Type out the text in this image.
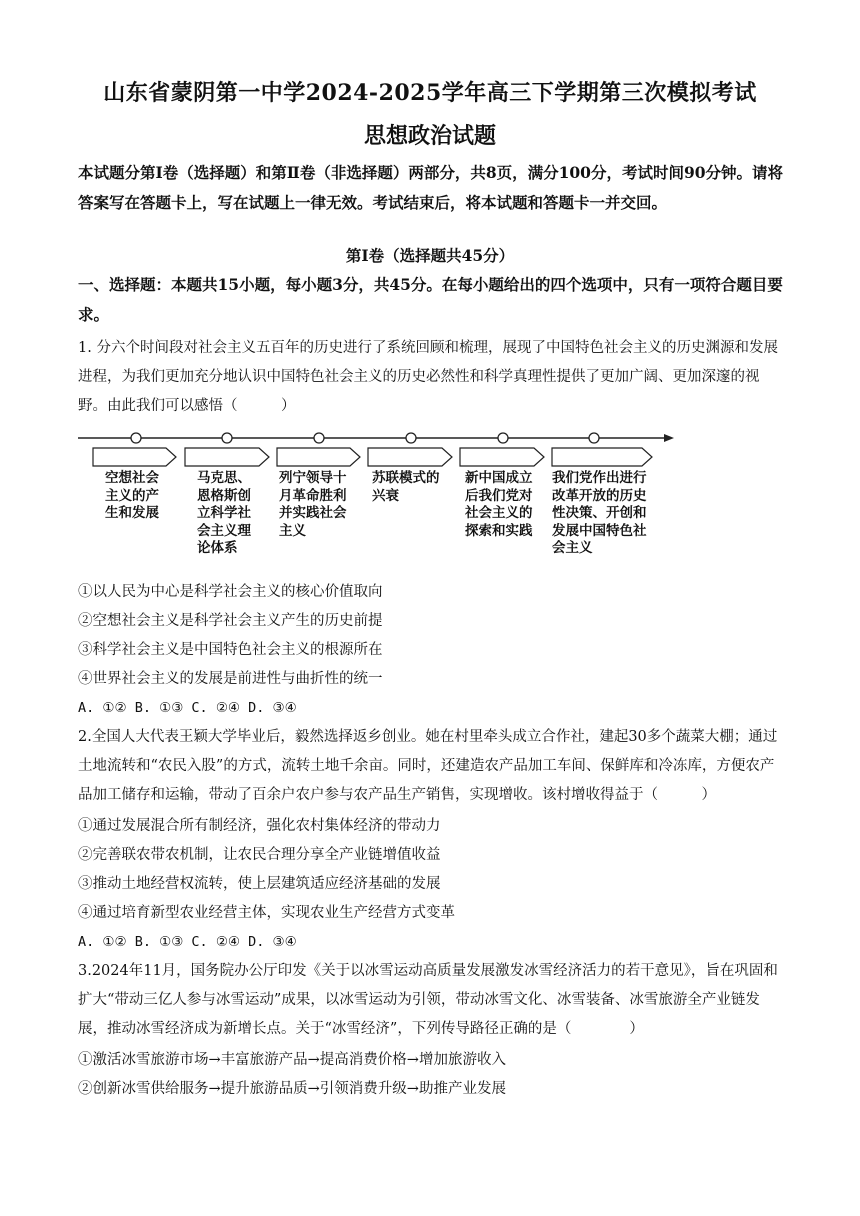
山东省蒙阴第一中学2024-2025学年高三下学期第三次模拟考试
思想政治试题
本试题分第Ⅰ卷（选择题）和第Ⅱ卷（非选择题）两部分，共8页，满分100分，考试时间90分钟。请将答案写在答题卡上，写在试题上一律无效。考试结束后，将本试题和答题卡一并交回。
第Ⅰ卷（选择题共45分）
一、选择题：本题共15小题，每小题3分，共45分。在每小题给出的四个选项中，只有一项符合题目要求。
1. 分六个时间段对社会主义五百年的历史进行了系统回顾和梳理，展现了中国特色社会主义的历史渊源和发展进程，为我们更加充分地认识中国特色社会主义的历史必然性和科学真理性提供了更加广阔、更加深邃的视野。由此我们可以感悟（　　　）
空想社会
主义的产
生和发展
马克思、
恩格斯创
立科学社
会主义理
论体系
列宁领导十
月革命胜利
并实践社会
主义
苏联模式的
兴衰
新中国成立
后我们党对
社会主义的
探索和实践
我们党作出进行
改革开放的历史
性决策、开创和
发展中国特色社
会主义
①以人民为中心是科学社会主义的核心价值取向
②空想社会主义是科学社会主义产生的历史前提
③科学社会主义是中国特色社会主义的根源所在
④世界社会主义的发展是前进性与曲折性的统一
A. ①② B. ①③ C. ②④ D. ③④
2.全国人大代表王颖大学毕业后，毅然选择返乡创业。她在村里牵头成立合作社，建起30多个蔬菜大棚；通过土地流转和“农民入股”的方式，流转土地千余亩。同时，还建造农产品加工车间、保鲜库和冷冻库，方便农产品加工储存和运输，带动了百余户农户参与农产品生产销售，实现增收。该村增收得益于（　　　）
①通过发展混合所有制经济，强化农村集体经济的带动力
②完善联农带农机制，让农民合理分享全产业链增值收益
③推动土地经营权流转，使上层建筑适应经济基础的发展
④通过培育新型农业经营主体，实现农业生产经营方式变革
A. ①② B. ①③ C. ②④ D. ③④
3.2024年11月，国务院办公厅印发《关于以冰雪运动高质量发展激发冰雪经济活力的若干意见》，旨在巩固和扩大“带动三亿人参与冰雪运动”成果，以冰雪运动为引领，带动冰雪文化、冰雪装备、冰雪旅游全产业链发展，推动冰雪经济成为新增长点。关于“冰雪经济”，下列传导路径正确的是（　　　　）
①激活冰雪旅游市场→丰富旅游产品→提高消费价格→增加旅游收入
②创新冰雪供给服务→提升旅游品质→引领消费升级→助推产业发展
